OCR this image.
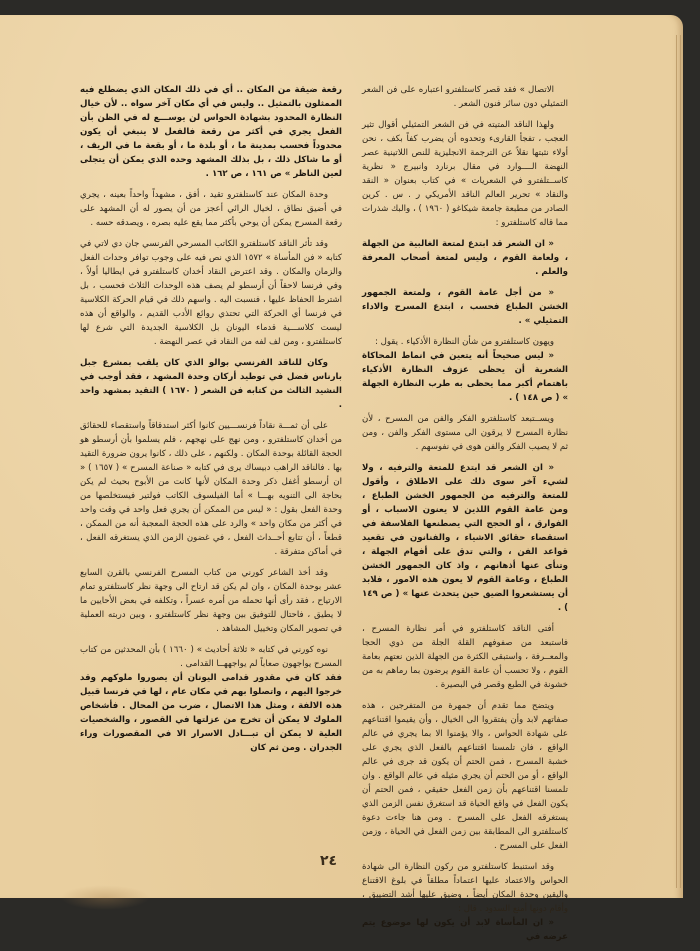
الاتصال » فقد قصر كاستلفترو اعتباره على فن الشعر التمثيلي دون سائر فنون الشعر .

ولهذا الناقد المتيته في فن الشعر التمثيلي أقوال تثير العجب ، تفجأ القارىء وتحدوه أن يضرب كفاً بكف ، نحن أولاء نثبتها نقلاً عن الترجمة الانجليزية للنص اللاتينية عصر النهضة الــــوارد في مقال برنارد وانبيرج « نظرية كاســتلفترو في الشعريات » في كتاب بعنوان « النقد والنقاد » تحرير العالم الناقد الأمريكي ر . س . كرين الصادر من مطبعة جامعة شيكاغو ( ١٩٦٠ ) ، والبك شذرات مما قاله كاستلفترو :

« ان الشعر قد ابتدع لمتعة الغالبية من الجهلة ، ولعامة القوم ، وليس لمتعة أصحاب المعرفة والعلم .

« من أجل عامة القوم ، ولمتعة الجمهور الخشن الطباع فحسب ، ابتدع المسرح والاداء التمثيلي » .

ويهون كاستلفترو من شأن النظارة الأذكياء . يقول :

« ليس صحيحاً أنه يتعين في انماط المحاكاة الشعرية أن يحظى عزوف النظارة الأذكياء باهتمام أكبر مما يحظى به طرب النظارة الجهلة » ( ص ١٤٨ ) .

ويســتبعد كاستلفترو الفكر والفن من المسرح ، لأن نظارة المسرح لا يرقون الى مستوى الفكر والفن ، ومن ثم لا يصيب الفكر والفن هوى في نفوسهم .

« ان الشعر قد ابتدع للمتعة والترفيه ، ولا لشيء آخر سوى ذلك على الاطلاق ، وأقول للمتعة والترفيه من الجمهور الخشن الطباع ، ومن عامة القوم اللذين لا يعنون الاسباب ، أو الفوارق ، أو الحجج التي يصطنعها الفلاسفة في استقصاء حقائق الاشياء ، والفنانون في تقعيد قواعد الفن ، والتي تدق على أفهام الجهلة ، وتنأى عنها أذهانهم ، واذ كان الجمهور الخشن الطباع ، وعامة القوم لا يعون هذه الامور ، فلابد أن يستشعروا الضيق حين يتحدث عنها » ( ص ١٤٩ ) .

أفتى الناقد كاستلفترو في أمر نظارة المسرح ، فاستبعد من صفوفهم القلة الجلة من ذوي الحجا والمعــرفة ، واستبقى الكثرة من الجهلة الذين نعتهم بعامة القوم ، ولا تحسب أن عامة القوم يرضون بما رماهم به من خشونة في الطبع وقصر في البصيرة .

ويتضح مما تقدم أن جمهرة من المتفرجين ، هذه صفاتهم لابد وأن يفتقروا الى الخيال ، وأن يقيموا اقتناعهم على شهادة الحواس ، والا يؤمنوا الا بما يجري في عالم الواقع ، فان تلمسنا اقتناعهم بالفعل الذي يجري على خشبة المسرح ، فمن الحتم أن يكون قد جرى في عالم الواقع ، أو من الحتم أن يجري مثيله في عالم الواقع . وان تلمسنا اقتناعهم بأن زمن الفعل حقيقي ، فمن الحتم أن يكون الفعل في واقع الحياة قد استغرق نفس الزمن الذي يستغرقه الفعل على المسرح . ومن هنا جاءت دعوة كاستلفترو الى المطابقة بين زمن الفعل في الحياة ، وزمن الفعل على المسرح .

وقد استنبط كاستلفترو من ركون النظارة الى شهادة الحواس والاعتماد عليها اعتماداً مطلقاً في بلوغ الاقتناع واليقين وحدة المكان أيضاً ، وضيق عليها أشد التضييق ، وأقام دونها أمنع السدود . قال :

« ان المأساة لابد أن يكون لها موضوع يتم عرضه في

رقعة ضيقة من المكان .. أي في ذلك المكان الذي يضطلع فيه الممثلون بالتمثيل .. وليس في أي مكان آخر سواه .. لأن خيال النظارة المحدود بشهادة الحواس لن يوســـع له في الظن بأن الفعل يجري في أكثر من رقعة فالفعل لا ينبغي أن يكون محدوداً فحسب بمدينة ما ، أو بلدة ما ، أو بقعة ما في الريف ، أو ما شاكل ذلك ، بل بذلك المشهد وحده الذي يمكن أن يتجلى لعين الناظر » ص ١٦١ ، ص ١٦٢ .

وحدة المكان عند كاستلفترو تقيد ، أفق ، مشهداً واحداً بعينه ، يجري في أضيق نطاق ، لخيال الرائي أعجز من أن يصور له أن المشهد على رقعة المسرح يمكن أن يوحي بأكثر مما يقع عليه بصره ، ويصدقه حسه .

وقد تأثر الناقد كاستلفترو الكاتب المسرحي الفرنسي جان دي لاتي في كتابه « فن المأساة » ١٥٧٢ الذي نص فيه على وجوب توافر وحدات الفعل والزمان والمكان . وقد اعترض النقاد أخدان كاستلفترو في ايطاليا أولاً ، وفي فرنسا لاحقاً أن أرسطو لم يصف هذه الوحدات الثلاث فحسب ، بل اشترط الحفاظ عليها ، فنسبت اليه . واسهم ذلك في قيام الحركة الكلاسية في فرنسا أي الحركة التي تحتذي روائع الأدب القديم ، والواقع أن هذه ليست كلاســـية قدماء اليونان بل الكلاسية الجديدة التي شرع لها كاستلفترو ، ومن لف لفه من النقاد في عصر النهضة .

وكان للناقد الفرنسي بوالو الذي كان يلقب بمشرع جبل بارناس فضل في توطيد أركان وحدة المشهد ، فقد أوجب في النشيد الثالث من كتابه فن الشعر ( ١٦٧٠ ) التقيد بمشهد واحد .

على أن ثمـــة نقاداً فرنســـيين كانوا أكثر استدقاقاً واستقصاء للحقائق من أخدان كاستلفترو ، ومن نهج على نهجهم ، فلم يسلموا بأن أرسطو هو الحجة القائلة بوحدة المكان . ولكنهم ، على ذلك ، كانوا يرون ضرورة التقيد بها . فالناقد الراهب دبيساك يرى في كتابه « صناعة المسرح » ( ١٦٥٧ ) « ان أرسطو أغفل ذكر وحدة المكان لأنها كانت من الأبوح بحيث لم يكن بحاجة الى التنويه بهـــا » أما الفيلسوف الكاتب فولتير فيستخلصها من وحدة الفعل بقول : « ليس من الممكن أن يجري فعل واحد في وقت واحد في أكثر من مكان واحد » والرد على هذه الحجة المعجبة أنه من الممكن ، قطعاً ، أن تتابع أحــداث الفعل ، في غضون الزمن الذي يستغرقه الفعل ، في أماكن متفرقة .

وقد أخذ الشاعر كورني من كتاب المسرح الفرنسي بالقرن السابع عشر بوحدة المكان ، وان لم يكن قد ارتاح الى وجهة نظر كاستلفترو تمام الارتياح ، فقد رأى أنها تحمله من أمره عسراً ، وتكلفه في بعض الأحايين ما لا يطيق ، فاحتال للتوفيق بين وجهة نظر كاستلفترو ، وبين دربته العملية في تصوير المكان وتخييل المشاهد .

نوه كورني في كتابه « ثلاثة أحاديث » ( ١٦٦٠ ) بأن المحدثين من كتاب المسرح يواجهون صعاباً لم يواجههــا القدامى .

فقد كان في مقدور قدامى اليونان أن يصوروا ملوكهم وقد خرجوا اليهم ، واتصلوا بهم في مكان عام ، لها في فرنسا قبيل هذه الالفة ، ومثل هذا الاتصال ، ضرب من المحال . فأشخاص الملوك لا يمكن أن تخرج من عزلتها في القصور ، والشخصيات العلية لا يمكن أن تبـــادل الاسرار الا في المقصورات وراء الجدران . ومن ثم كان

٢٤
